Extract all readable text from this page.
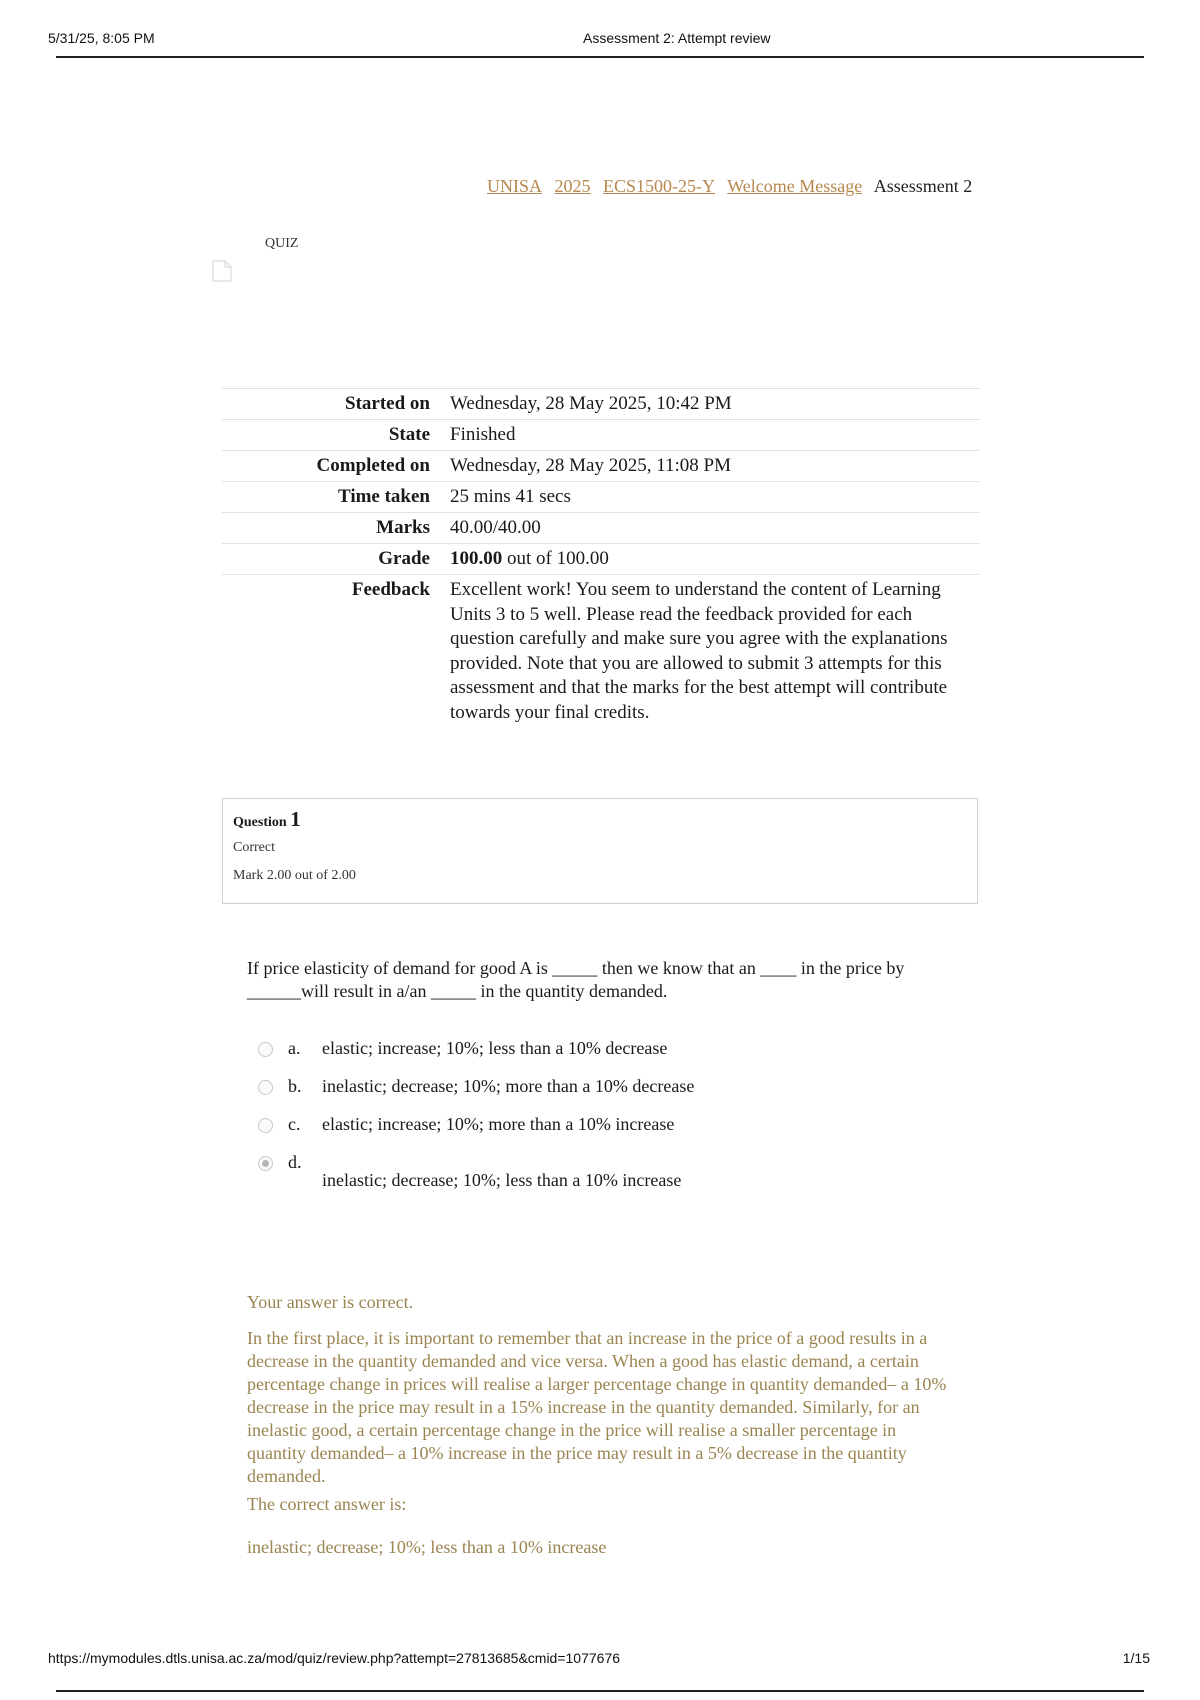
5/31/25, 8:05 PM	Assessment 2: Attempt review
UNISA 2025 ECS1500-25-Y Welcome Message Assessment 2
QUIZ
Started on	Wednesday, 28 May 2025, 10:42 PM
State	Finished
Completed on	Wednesday, 28 May 2025, 11:08 PM
Time taken	25 mins 41 secs
Marks	40.00/40.00
Grade	100.00 out of 100.00
Feedback	Excellent work! You seem to understand the content of Learning Units 3 to 5 well. Please read the feedback provided for each question carefully and make sure you agree with the explanations provided. Note that you are allowed to submit 3 attempts for this assessment and that the marks for the best attempt will contribute towards your final credits.
Question 1
Correct
Mark 2.00 out of 2.00
If price elasticity of demand for good A is _____ then we know that an ____ in the price by ______will result in a/an _____ in the quantity demanded.
a. elastic; increase; 10%; less than a 10% decrease
b. inelastic; decrease; 10%; more than a 10% decrease
c. elastic; increase; 10%; more than a 10% increase
d.
inelastic; decrease; 10%; less than a 10% increase

Your answer is correct.

In the first place, it is important to remember that an increase in the price of a good results in a decrease in the quantity demanded and vice versa. When a good has elastic demand, a certain percentage change in prices will realise a larger percentage change in quantity demanded– a 10% decrease in the price may result in a 15% increase in the quantity demanded. Similarly, for an inelastic good, a certain percentage change in the price will realise a smaller percentage in quantity demanded– a 10% increase in the price may result in a 5% decrease in the quantity demanded.

The correct answer is:

inelastic; decrease; 10%; less than a 10% increase

https://mymodules.dtls.unisa.ac.za/mod/quiz/review.php?attempt=27813685&cmid=1077676	1/15
